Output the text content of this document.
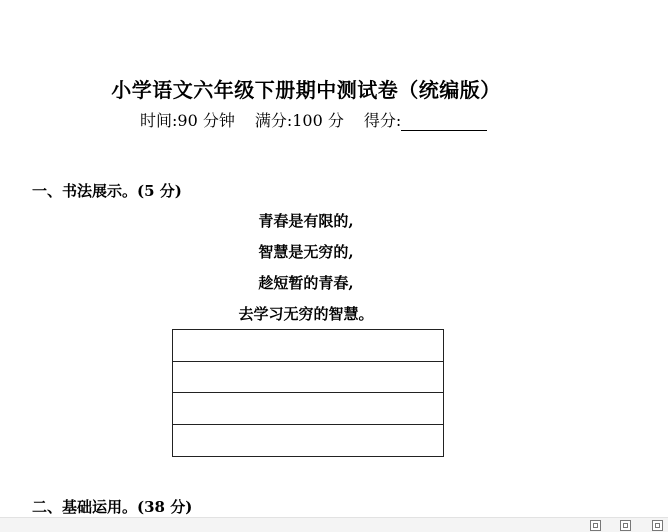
小学语文六年级下册期中测试卷（统编版）
时间:90 分钟 满分:100 分 得分:
一、书法展示。(5 分)
青春是有限的,
智慧是无穷的,
趁短暂的青春,
去学习无穷的智慧。
二、基础运用。(38 分)
